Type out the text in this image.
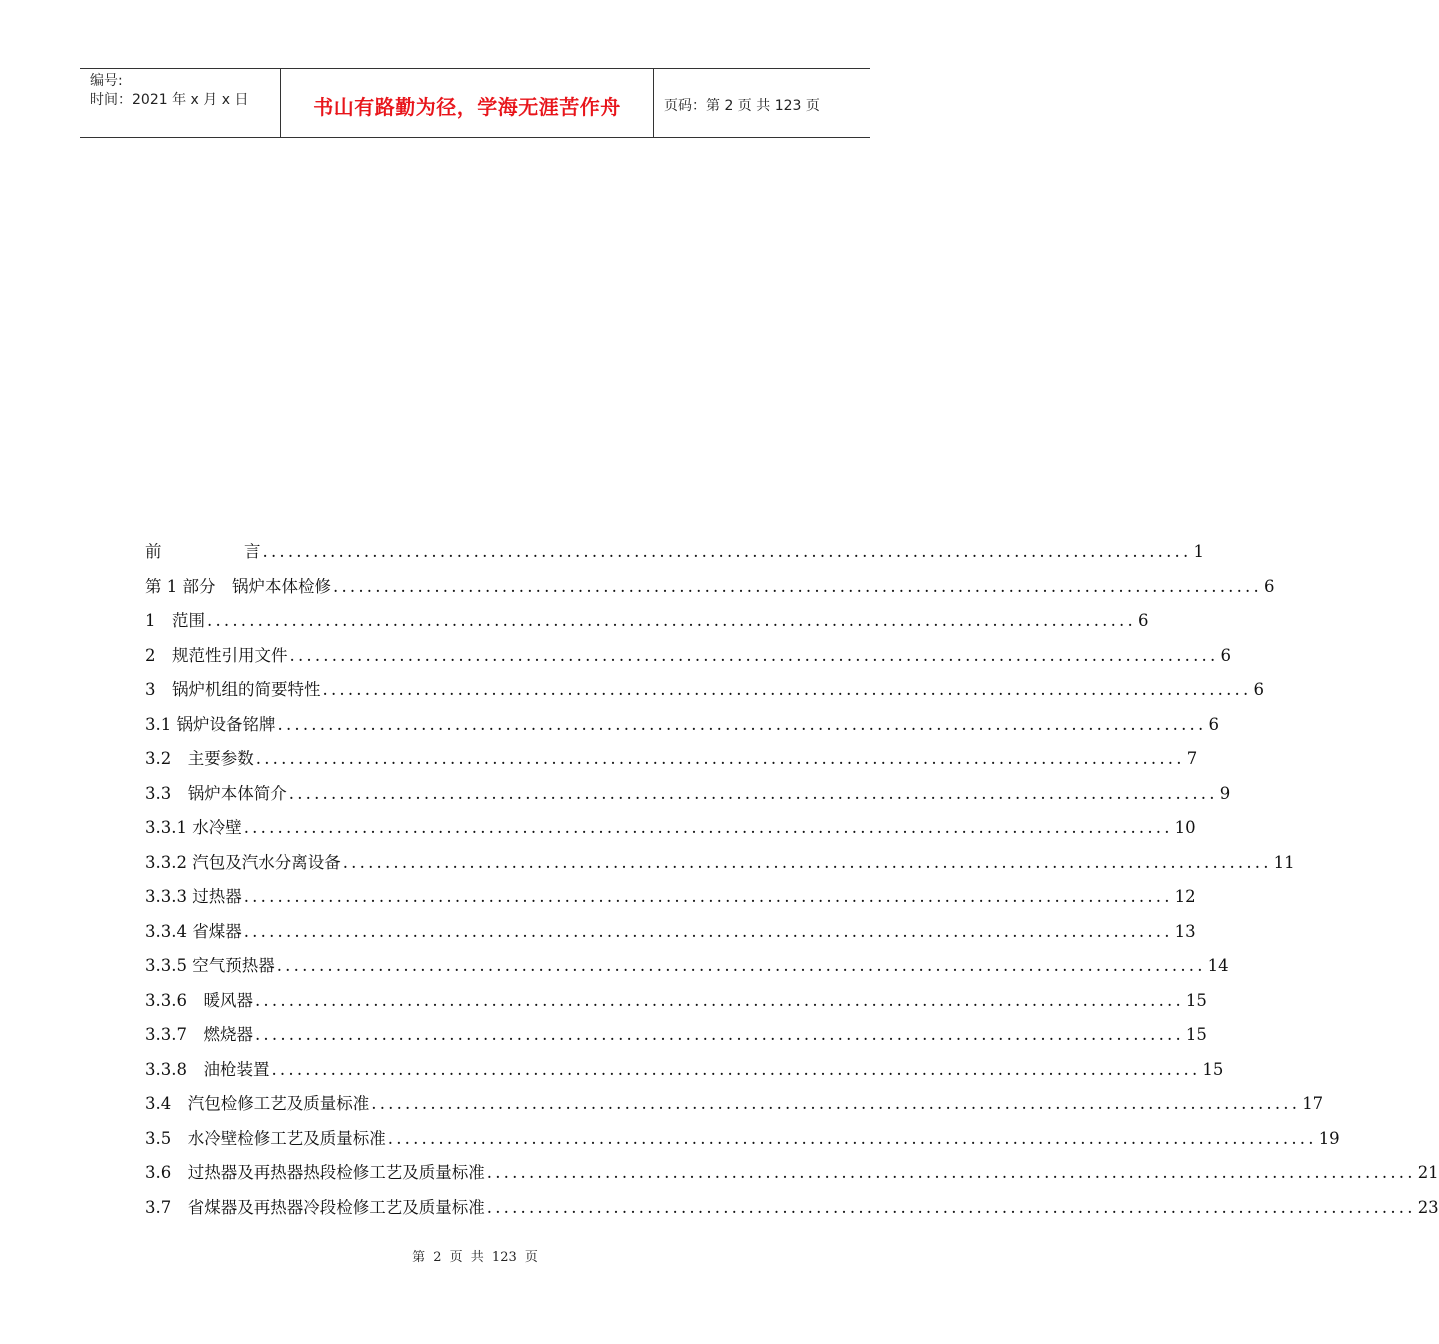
编号:
时间：2021 年 x 月 x 日	书山有路勤为径，学海无涯苦作舟	页码：第 2 页 共 123 页
前　　　　　言 .............................................................................................................. 1
第 1 部分　锅炉本体检修 .............................................................................................................. 6
1　范围 .............................................................................................................. 6
2　规范性引用文件 .............................................................................................................. 6
3　锅炉机组的简要特性 .............................................................................................................. 6
3.1 锅炉设备铭牌 .............................................................................................................. 6
3.2　主要参数 .............................................................................................................. 7
3.3　锅炉本体简介 .............................................................................................................. 9
3.3.1 水冷壁 .............................................................................................................. 10
3.3.2 汽包及汽水分离设备 .............................................................................................................. 11
3.3.3 过热器 .............................................................................................................. 12
3.3.4 省煤器 .............................................................................................................. 13
3.3.5 空气预热器 .............................................................................................................. 14
3.3.6　暖风器 .............................................................................................................. 15
3.3.7　燃烧器 .............................................................................................................. 15
3.3.8　油枪装置 .............................................................................................................. 15
3.4　汽包检修工艺及质量标准 .............................................................................................................. 17
3.5　水冷壁检修工艺及质量标准 .............................................................................................................. 19
3.6　过热器及再热器热段检修工艺及质量标准 .............................................................................................................. 21
3.7　省煤器及再热器冷段检修工艺及质量标准 .............................................................................................................. 23
第 2 页 共 123 页
